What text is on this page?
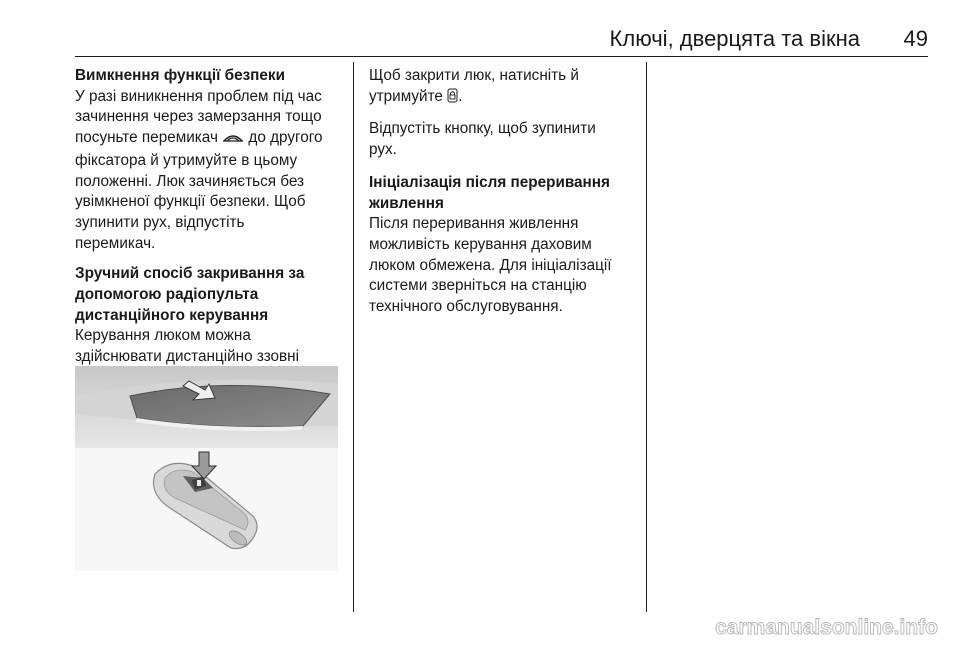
Ключі, дверцята та вікна	49

Вимкнення функції безпеки

У разі виникнення проблем під час
зачинення через замерзання тощо
посуньте перемикач  до другого
фіксатора й утримуйте в цьому
положенні. Люк зачиняється без
увімкненої функції безпеки. Щоб
зупинити рух, відпустіть
перемикач.

Зручний спосіб закривання за
допомогою радіопульта
дистанційного керування

Керування люком можна
здійснювати дистанційно ззовні

Щоб закрити люк, натисніть й
утримуйте .

Відпустіть кнопку, щоб зупинити
рух.

Ініціалізація після переривання
живлення

Після переривання живлення
можливість керування даховим
люком обмежена. Для ініціалізації
системи зверніться на станцію
технічного обслуговування.

carmanualsonline.info
